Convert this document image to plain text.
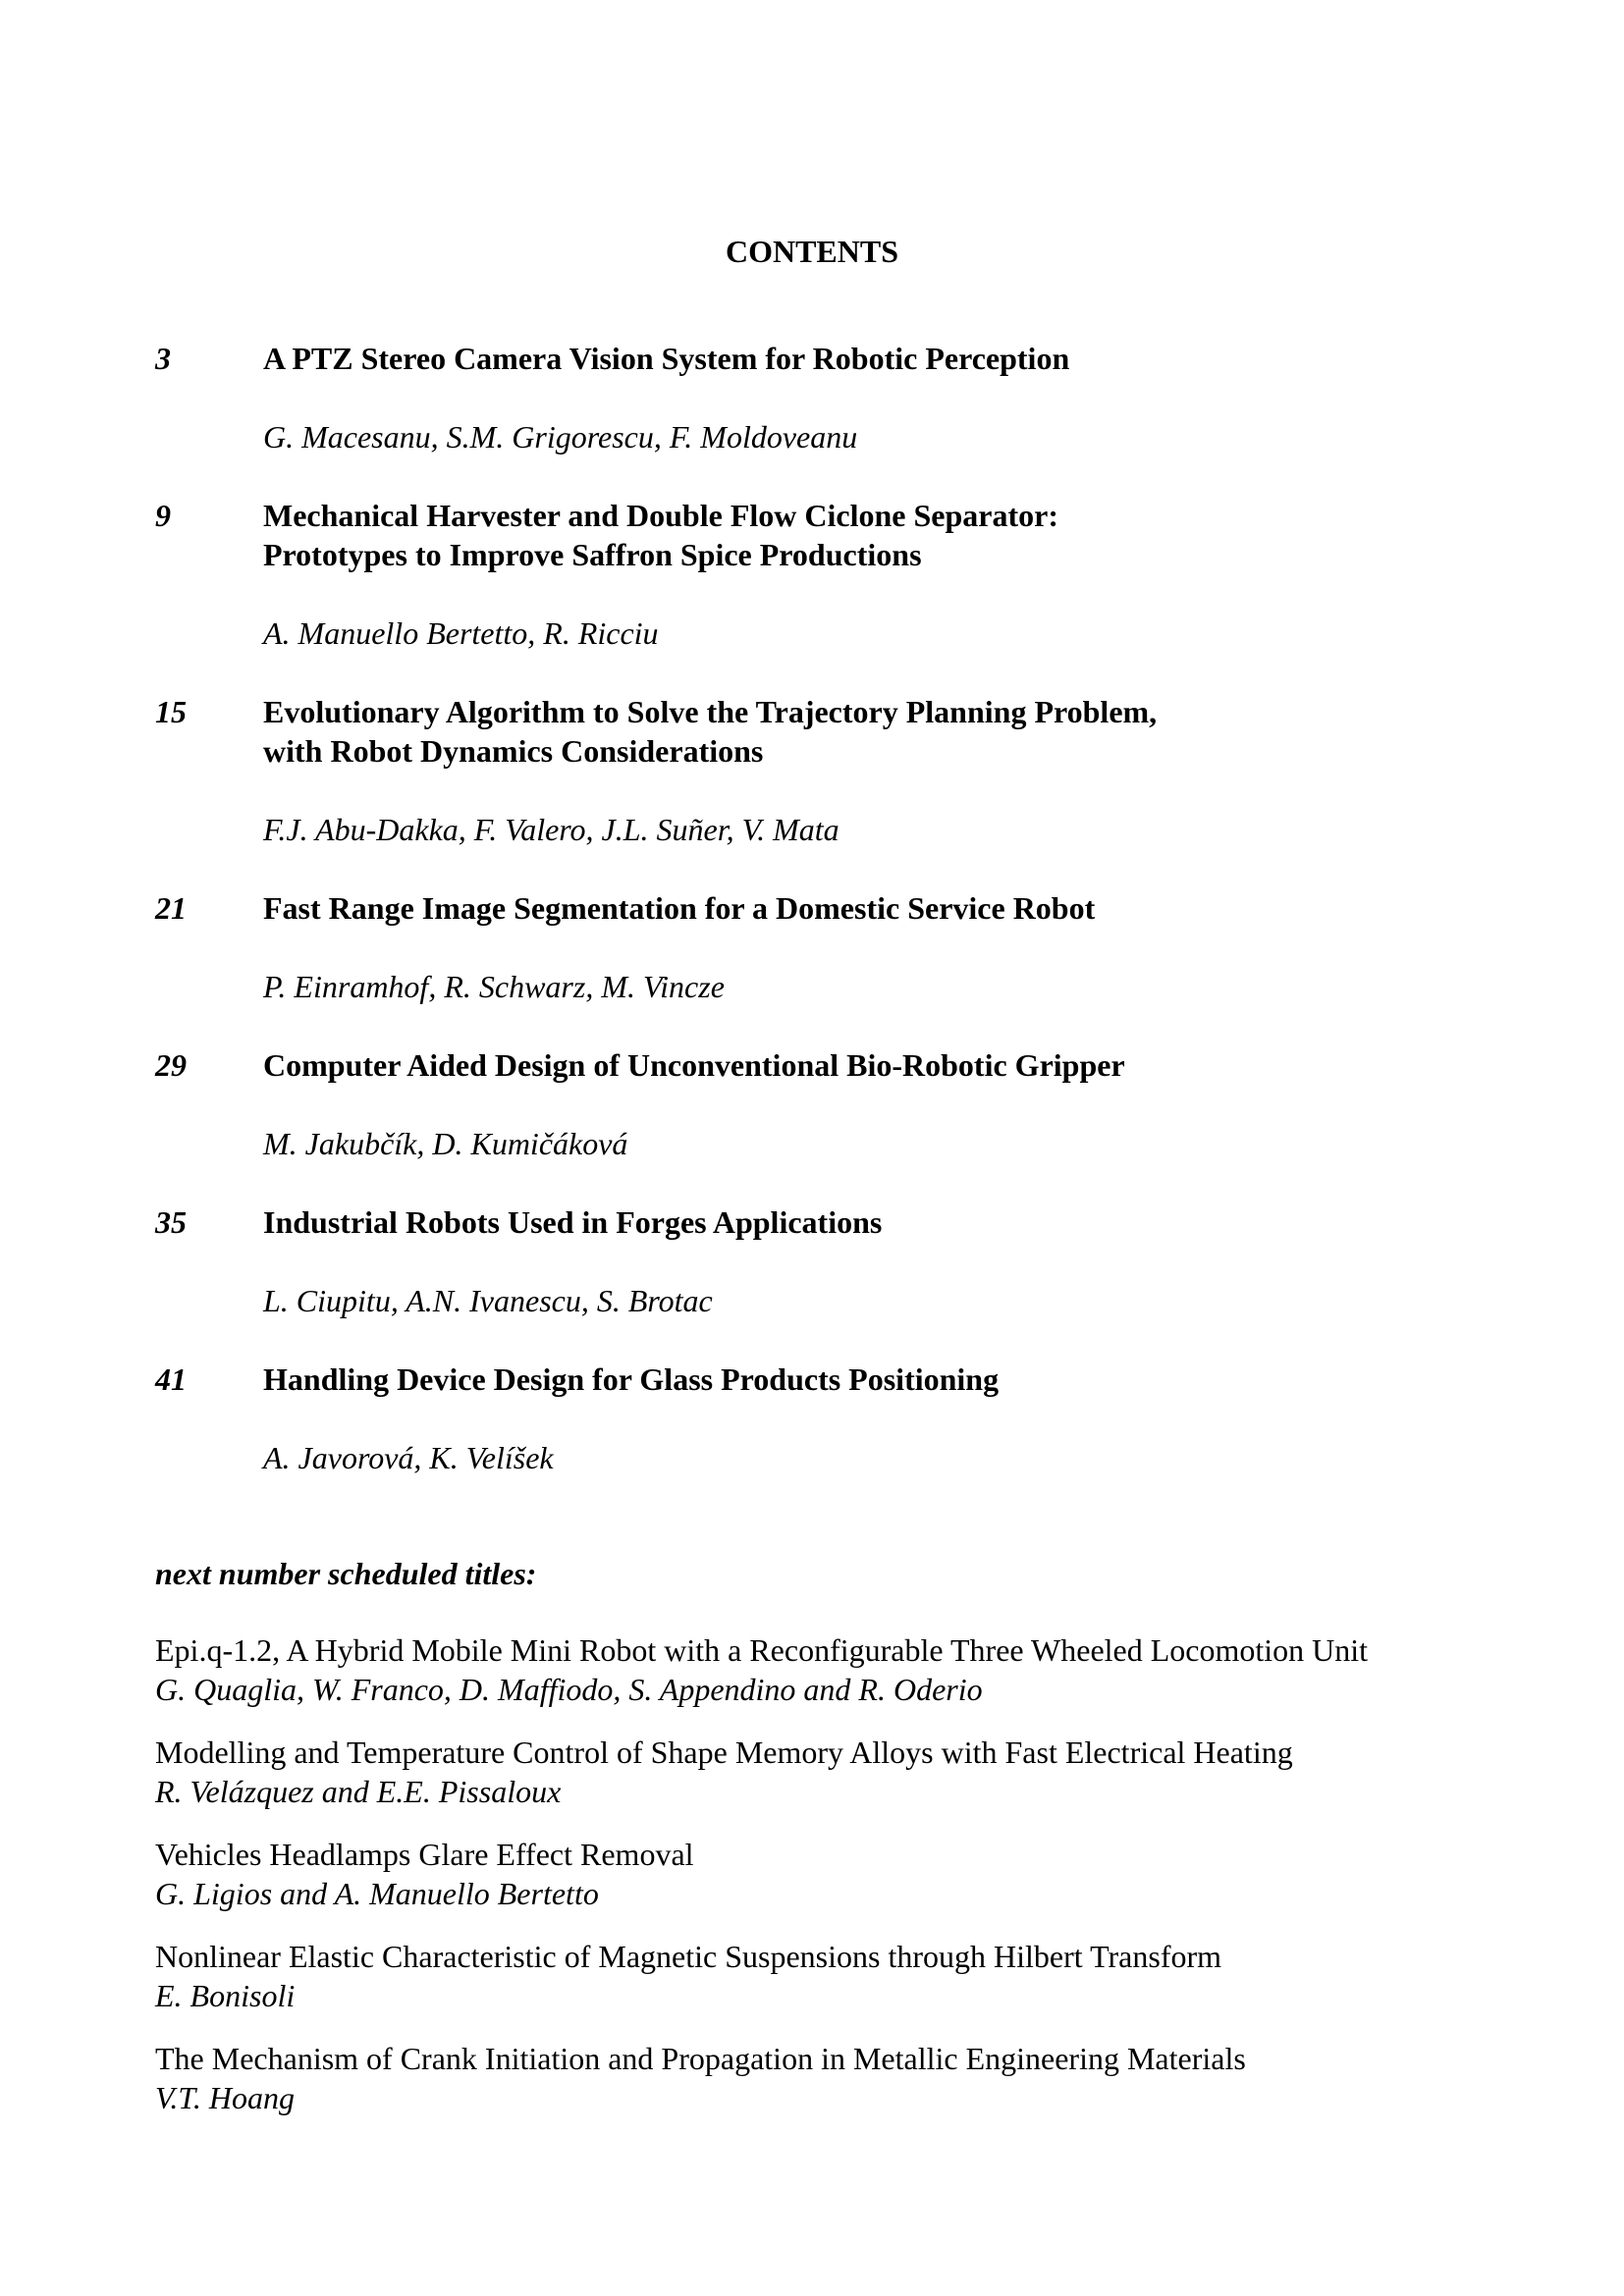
CONTENTS
3	A PTZ Stereo Camera Vision System for Robotic Perception
G. Macesanu, S.M. Grigorescu, F. Moldoveanu
9	Mechanical Harvester and Double Flow Ciclone Separator:
Prototypes to Improve Saffron Spice Productions
A. Manuello Bertetto, R. Ricciu
15 Evolutionary Algorithm to Solve the Trajectory Planning Problem,
with Robot Dynamics Considerations
F.J. Abu-Dakka, F. Valero, J.L. Suñer, V. Mata
21 Fast Range Image Segmentation for a Domestic Service Robot
P. Einramhof, R. Schwarz, M. Vincze
29 Computer Aided Design of Unconventional Bio-Robotic Gripper
M. Jakubčík, D. Kumičáková
35 Industrial Robots Used in Forges Applications
L. Ciupitu, A.N. Ivanescu, S. Brotac
41 Handling Device Design for Glass Products Positioning
A. Javorová, K. Velíšek
next number scheduled titles:
Epi.q-1.2, A Hybrid Mobile Mini Robot with a Reconfigurable Three Wheeled Locomotion Unit
G. Quaglia, W. Franco, D. Maffiodo, S. Appendino and R. Oderio
Modelling and Temperature Control of Shape Memory Alloys with Fast Electrical Heating
R. Velázquez and E.E. Pissaloux
Vehicles Headlamps Glare Effect Removal
G. Ligios and A. Manuello Bertetto
Nonlinear Elastic Characteristic of Magnetic Suspensions through Hilbert Transform
E. Bonisoli
The Mechanism of Crank Initiation and Propagation in Metallic Engineering Materials
V.T. Hoang
